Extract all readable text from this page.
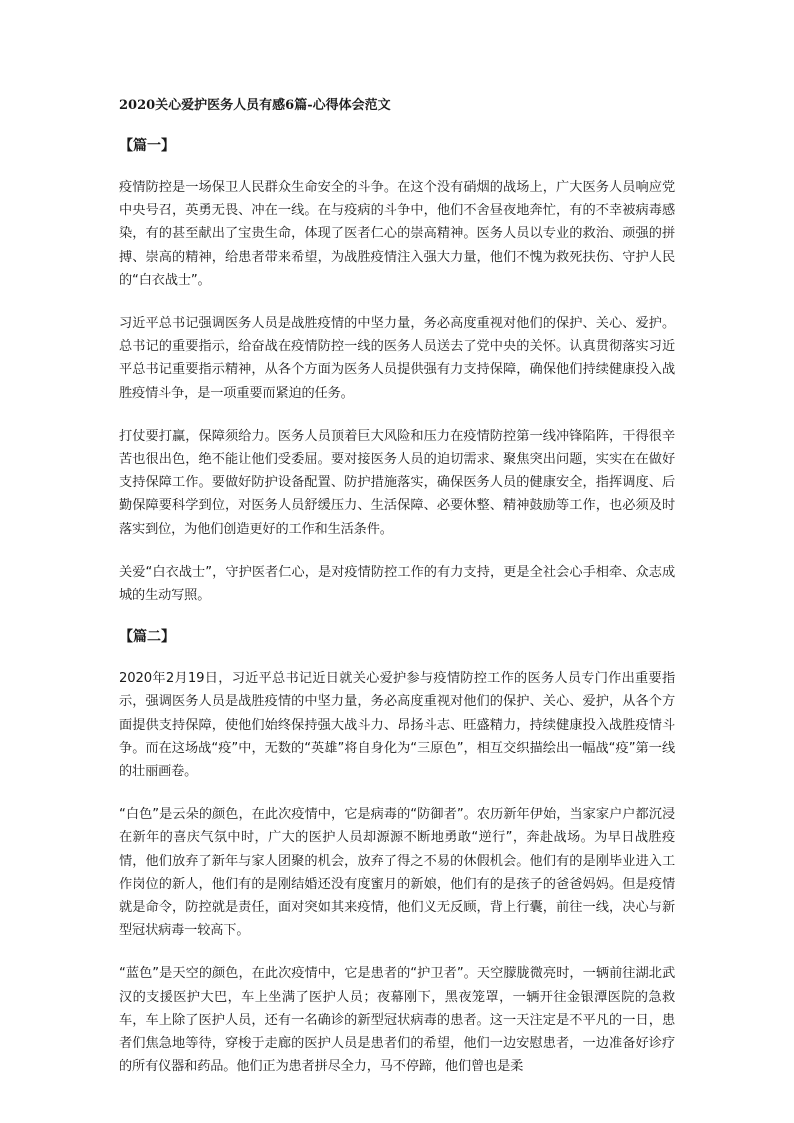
2020关心爱护医务人员有感6篇-心得体会范文
【篇一】

疫情防控是一场保卫人民群众生命安全的斗争。在这个没有硝烟的战场上，广大医务人员响应党中央号召，英勇无畏、冲在一线。在与疫病的斗争中，他们不舍昼夜地奔忙，有的不幸被病毒感染，有的甚至献出了宝贵生命，体现了医者仁心的崇高精神。医务人员以专业的救治、顽强的拼搏、崇高的精神，给患者带来希望，为战胜疫情注入强大力量，他们不愧为救死扶伤、守护人民的“白衣战士”。

习近平总书记强调医务人员是战胜疫情的中坚力量，务必高度重视对他们的保护、关心、爱护。总书记的重要指示，给奋战在疫情防控一线的医务人员送去了党中央的关怀。认真贯彻落实习近平总书记重要指示精神，从各个方面为医务人员提供强有力支持保障，确保他们持续健康投入战胜疫情斗争，是一项重要而紧迫的任务。

打仗要打赢，保障须给力。医务人员顶着巨大风险和压力在疫情防控第一线冲锋陷阵，干得很辛苦也很出色，绝不能让他们受委屈。要对接医务人员的迫切需求、聚焦突出问题，实实在在做好支持保障工作。要做好防护设备配置、防护措施落实，确保医务人员的健康安全，指挥调度、后勤保障要科学到位，对医务人员舒缓压力、生活保障、必要休整、精神鼓励等工作，也必须及时落实到位，为他们创造更好的工作和生活条件。

关爱“白衣战士”，守护医者仁心，是对疫情防控工作的有力支持，更是全社会心手相牵、众志成城的生动写照。

【篇二】

2020年2月19日，习近平总书记近日就关心爱护参与疫情防控工作的医务人员专门作出重要指示，强调医务人员是战胜疫情的中坚力量，务必高度重视对他们的保护、关心、爱护，从各个方面提供支持保障，使他们始终保持强大战斗力、昂扬斗志、旺盛精力，持续健康投入战胜疫情斗争。而在这场战“疫”中，无数的“英雄”将自身化为“三原色”，相互交织描绘出一幅战“疫”第一线的壮丽画卷。

“白色”是云朵的颜色，在此次疫情中，它是病毒的“防御者”。农历新年伊始，当家家户户都沉浸在新年的喜庆气氛中时，广大的医护人员却源源不断地勇敢“逆行”，奔赴战场。为早日战胜疫情，他们放弃了新年与家人团聚的机会，放弃了得之不易的休假机会。他们有的是刚毕业进入工作岗位的新人，他们有的是刚结婚还没有度蜜月的新娘，他们有的是孩子的爸爸妈妈。但是疫情就是命令，防控就是责任，面对突如其来疫情，他们义无反顾，背上行囊，前往一线，决心与新型冠状病毒一较高下。

“蓝色”是天空的颜色，在此次疫情中，它是患者的“护卫者”。天空朦胧微亮时，一辆前往湖北武汉的支援医护大巴，车上坐满了医护人员；夜幕刚下，黑夜笼罩，一辆开往金银潭医院的急救车，车上除了医护人员，还有一名确诊的新型冠状病毒的患者。这一天注定是不平凡的一日，患者们焦急地等待，穿梭于走廊的医护人员是患者们的希望，他们一边安慰患者，一边准备好诊疗的所有仪器和药品。他们正为患者拼尽全力，马不停蹄，他们曾也是柔
